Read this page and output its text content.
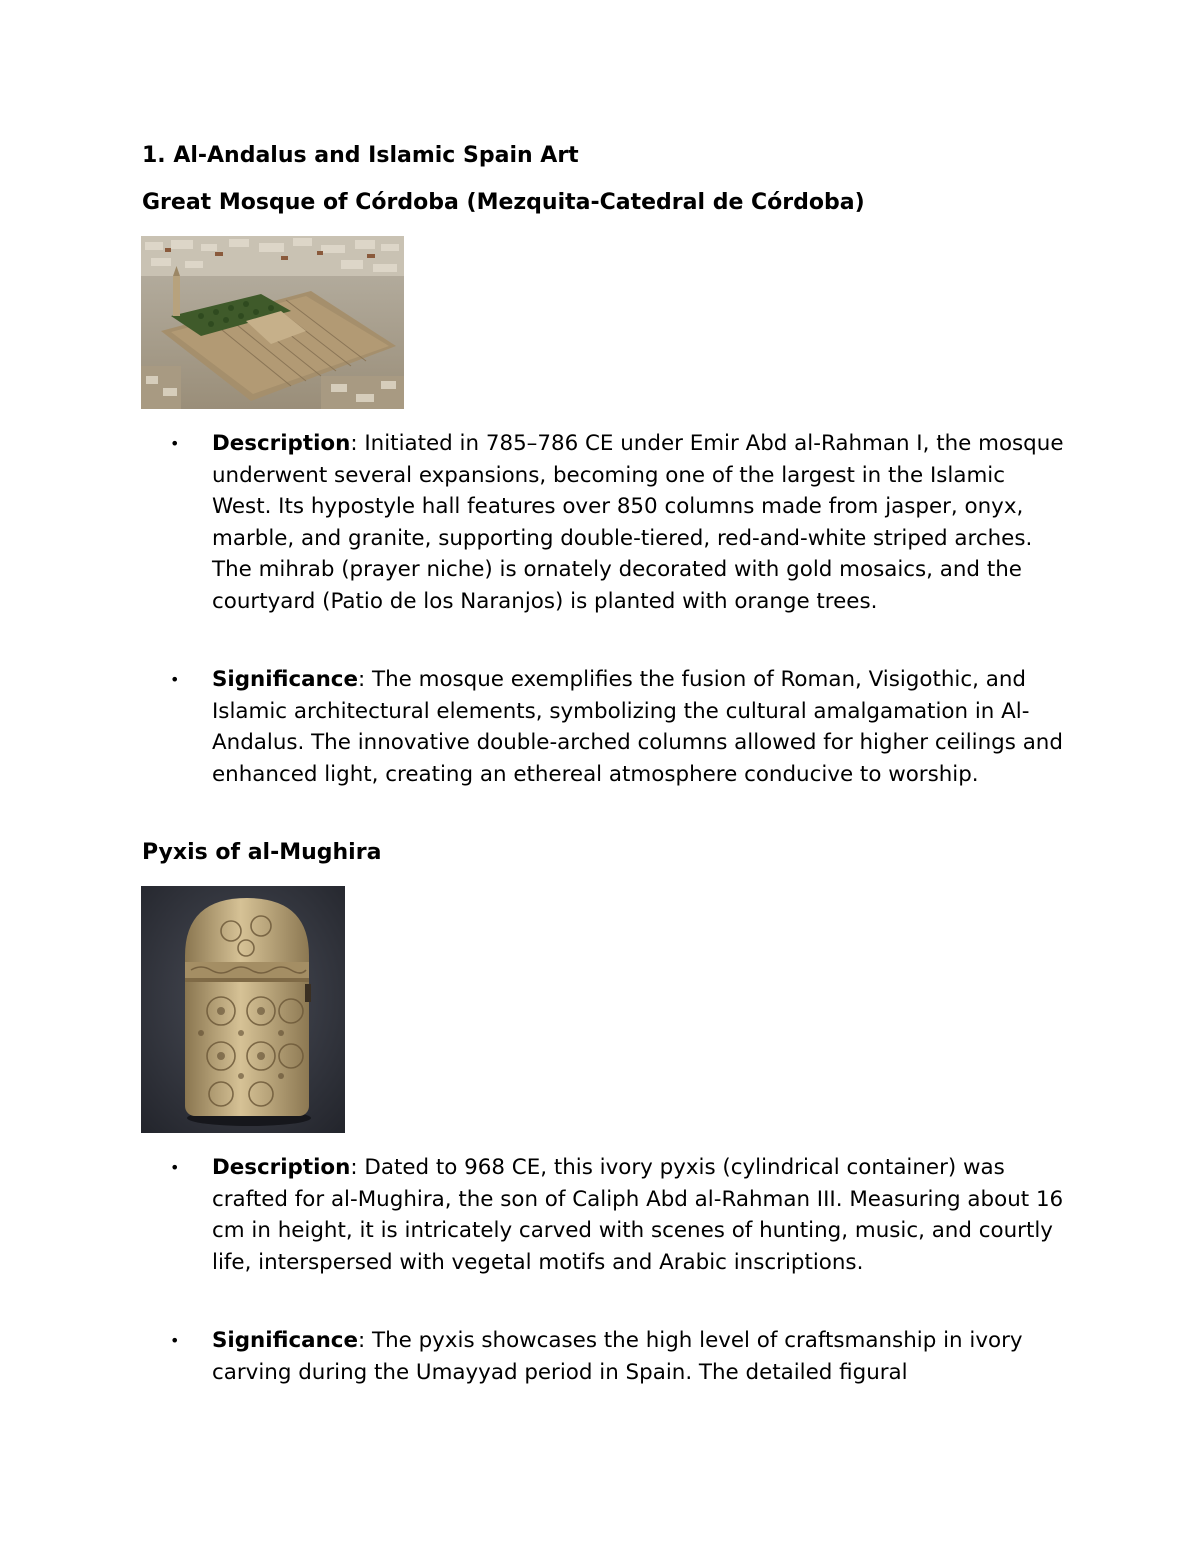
1. Al-Andalus and Islamic Spain Art
Great Mosque of Córdoba (Mezquita-Catedral de Córdoba)
•	Description: Initiated in 785–786 CE under Emir Abd al-Rahman I, the mosque underwent several expansions, becoming one of the largest in the Islamic West. Its hypostyle hall features over 850 columns made from jasper, onyx, marble, and granite, supporting double-tiered, red-and-white striped arches. The mihrab (prayer niche) is ornately decorated with gold mosaics, and the courtyard (Patio de los Naranjos) is planted with orange trees.
•	Significance: The mosque exemplifies the fusion of Roman, Visigothic, and Islamic architectural elements, symbolizing the cultural amalgamation in Al-Andalus. The innovative double-arched columns allowed for higher ceilings and enhanced light, creating an ethereal atmosphere conducive to worship.
Pyxis of al-Mughira
•	Description: Dated to 968 CE, this ivory pyxis (cylindrical container) was crafted for al-Mughira, the son of Caliph Abd al-Rahman III. Measuring about 16 cm in height, it is intricately carved with scenes of hunting, music, and courtly life, interspersed with vegetal motifs and Arabic inscriptions.
•	Significance: The pyxis showcases the high level of craftsmanship in ivory carving during the Umayyad period in Spain. The detailed figural
